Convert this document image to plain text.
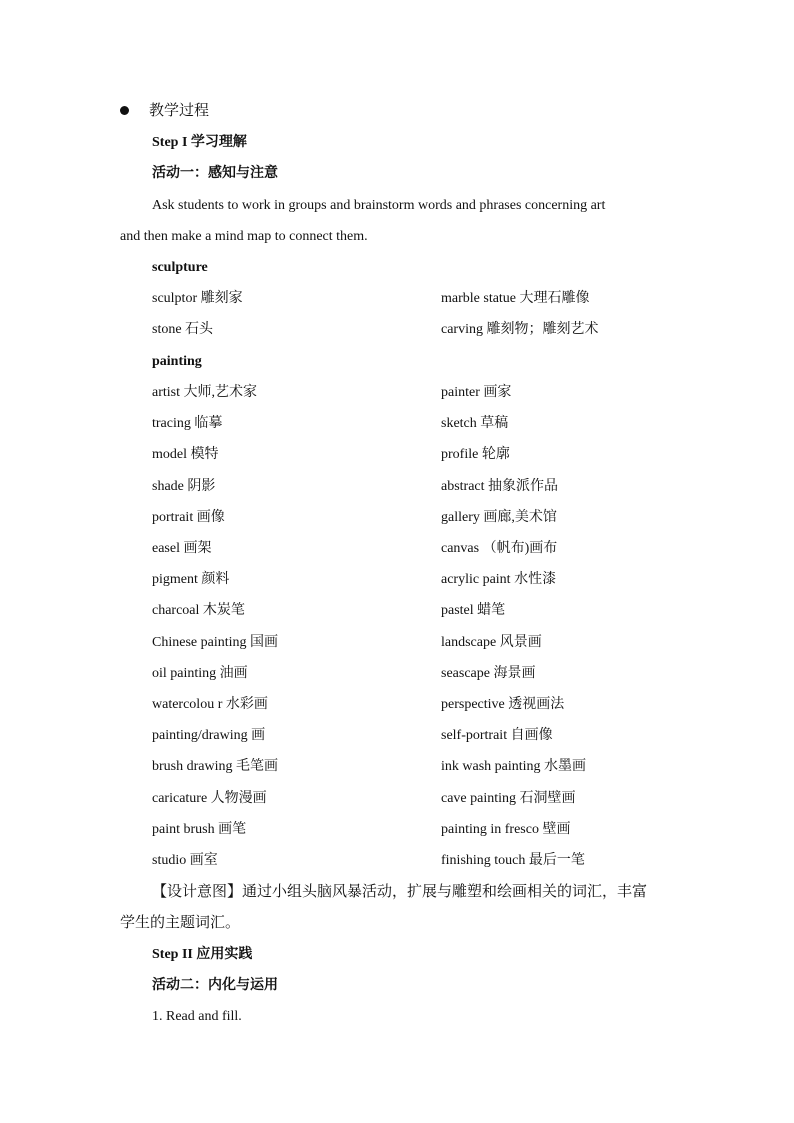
教学过程
Step I 学习理解
活动一：感知与注意
Ask students to work in groups and brainstorm words and phrases concerning art
and then make a mind map to connect them.
sculpture
sculptor 雕刻家	marble statue 大理石雕像
stone 石头	carving 雕刻物；雕刻艺术
painting
artist 大师,艺术家	painter 画家
tracing 临摹	sketch 草稿
model 模特	profile 轮廓
shade 阴影	abstract 抽象派作品
portrait 画像	gallery 画廊,美术馆
easel 画架	canvas （帆布)画布
pigment 颜料	acrylic paint 水性漆
charcoal 木炭笔	pastel 蜡笔
Chinese painting 国画	landscape 风景画
oil painting 油画	seascape 海景画
watercolou r 水彩画	perspective 透视画法
painting/drawing 画	self-portrait 自画像
brush drawing 毛笔画	ink wash painting 水墨画
caricature 人物漫画	cave painting 石洞壁画
paint brush 画笔	painting in fresco 壁画
studio 画室	finishing touch 最后一笔
【设计意图】通过小组头脑风暴活动，扩展与雕塑和绘画相关的词汇，丰富
学生的主题词汇。
Step II 应用实践
活动二：内化与运用
1. Read and fill.
